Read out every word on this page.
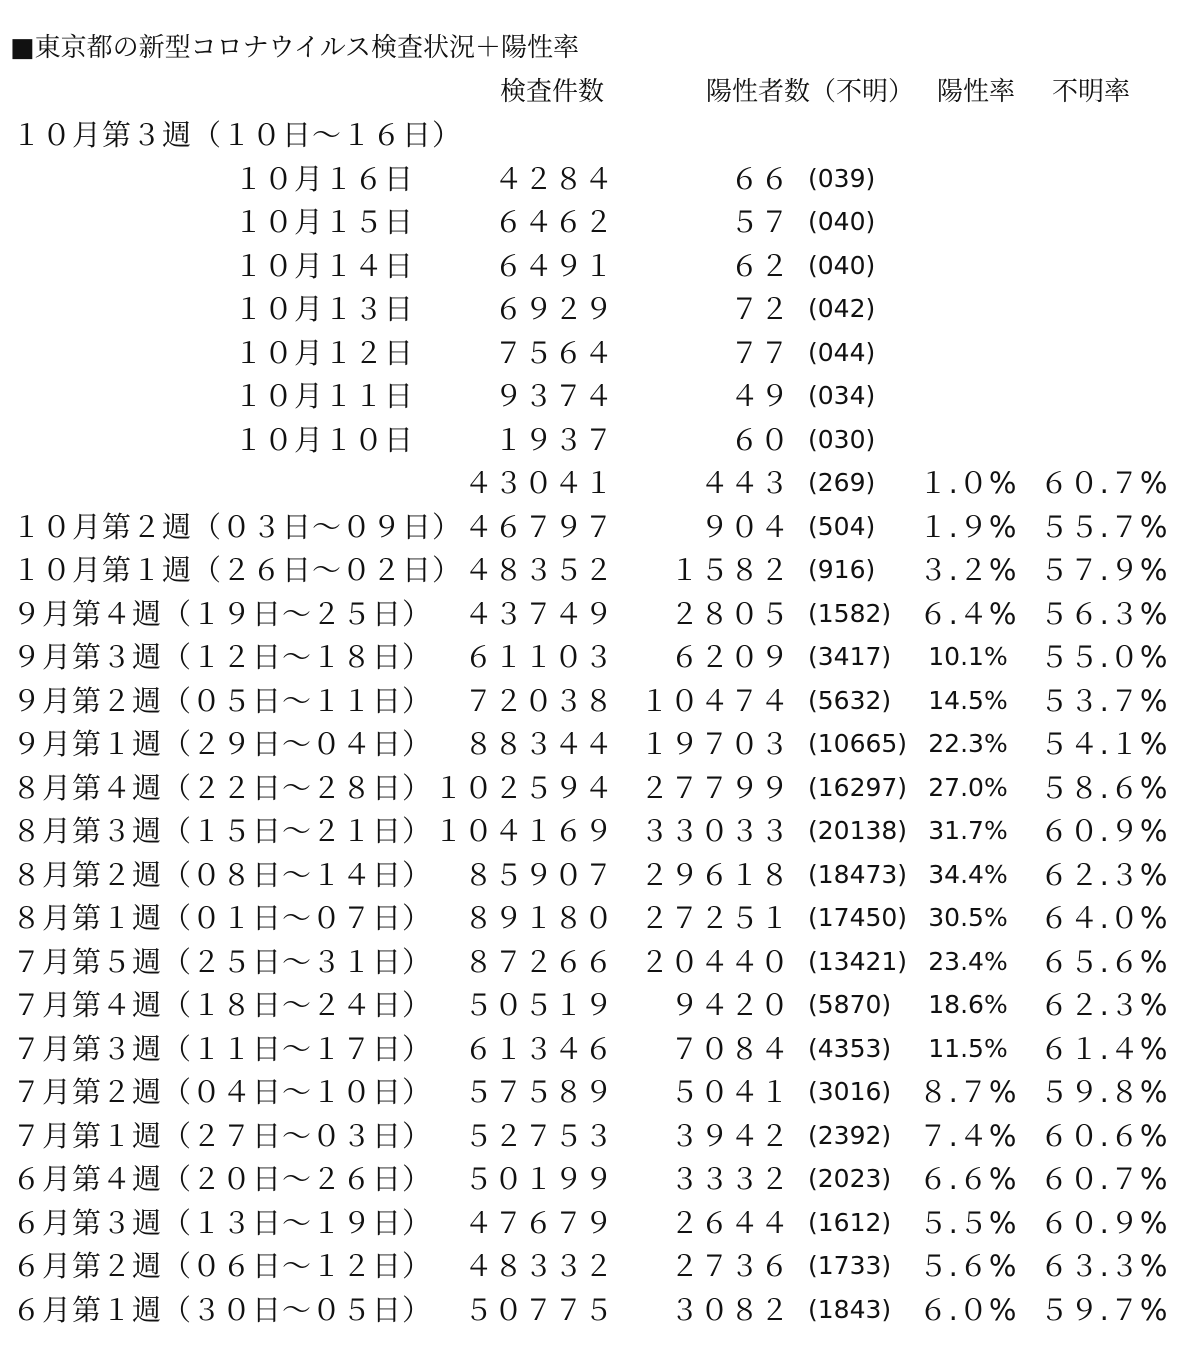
■東京都の新型コロナウイルス検査状況＋陽性率
検査件数	陽性者数（不明） 陽性率 不明率
１０月第３週（１０日〜１６日）
１０月１６日	４２８４	６６ (039)
１０月１５日	６４６２	５７ (040)
１０月１４日	６４９１	６２ (040)
１０月１３日	６９２９	７２ (042)
１０月１２日	７５６４	７７ (044)
１０月１１日	９３７４	４９ (034)
１０月１０日	１９３７	６０ (030)
４３０４１	４４３ (269) １.０% ６０.７%
１０月第２週（０３日〜０９日） ４６７９７	９０４ (504) １.９% ５５.７%
１０月第１週（２６日〜０２日） ４８３５２ １５８２ (916) ３.２% ５７.９%
９月第４週（１９日〜２５日） ４３７４９ ２８０５ (1582) ６.４% ５６.３%
９月第３週（１２日〜１８日） ６１１０３ ６２０９ (3417)	10.1%	５５.０%
９月第２週（０５日〜１１日） ７２０３８ １０４７４ (5632)	14.5%	５３.７%
９月第１週（２９日〜０４日） ８８３４４ １９７０３ (10665) 22.3%	５４.１%
８月第４週（２２日〜２８日） １０２５９４ ２７７９９ (16297) 27.0%	５８.６%
８月第３週（１５日〜２１日） １０４１６９ ３３０３３ (20138) 31.7%	６０.９%
８月第２週（０８日〜１４日） ８５９０７ ２９６１８ (18473) 34.4%	６２.３%
８月第１週（０１日〜０７日） ８９１８０ ２７２５１ (17450) 30.5%	６４.０%
７月第５週（２５日〜３１日） ８７２６６ ２０４４０ (13421) 23.4%	６５.６%
７月第４週（１８日〜２４日） ５０５１９ ９４２０ (5870)	18.6%	６２.３%
７月第３週（１１日〜１７日） ６１３４６ ７０８４ (4353)	11.5%	６１.４%
７月第２週（０４日〜１０日） ５７５８９ ５０４１ (3016) ８.７% ５９.８%
７月第１週（２７日〜０３日） ５２７５３ ３９４２ (2392) ７.４% ６０.６%
６月第４週（２０日〜２６日） ５０１９９ ３３３２ (2023) ６.６% ６０.７%
６月第３週（１３日〜１９日） ４７６７９ ２６４４ (1612) ５.５% ６０.９%
６月第２週（０６日〜１２日） ４８３３２ ２７３６ (1733) ５.６% ６３.３%
６月第１週（３０日〜０５日） ５０７７５ ３０８２ (1843) ６.０% ５９.７%
